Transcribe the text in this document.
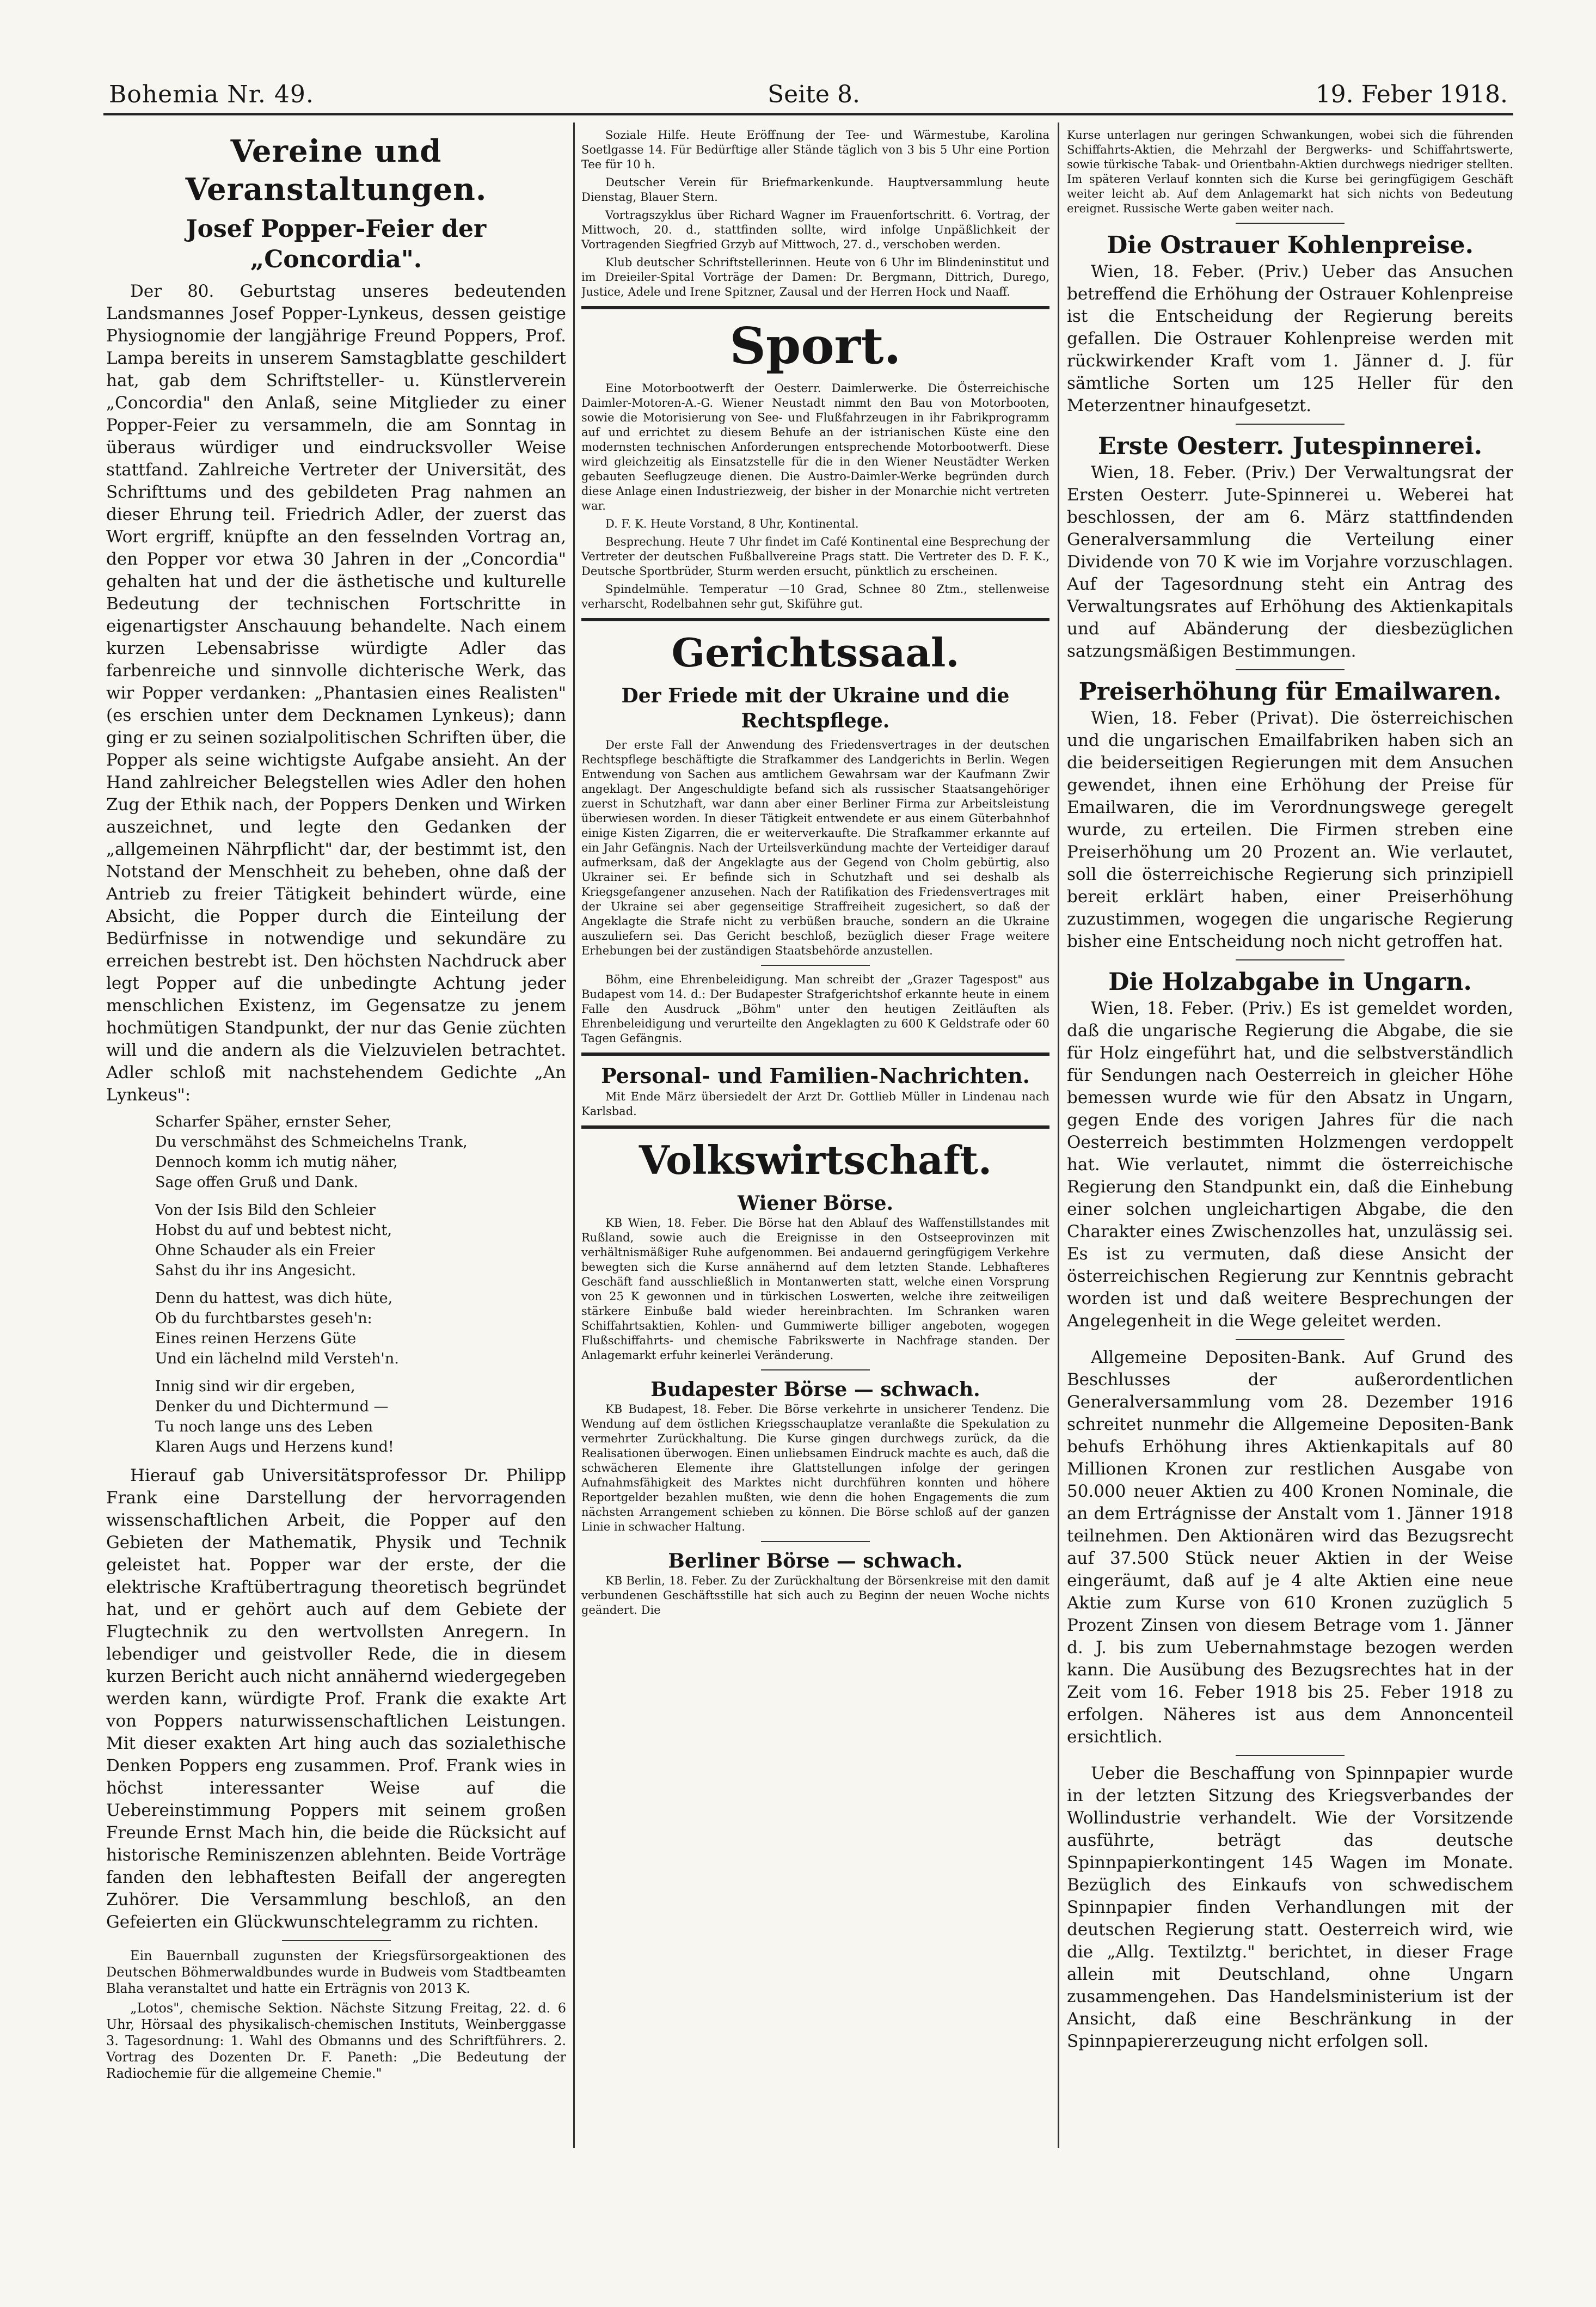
Bohemia Nr. 49.	Seite 8.	19. Feber 1918.
Vereine und Veranstaltungen.
Josef Popper-Feier der „Concordia".

Der 80. Geburtstag unseres bedeutenden Landsmannes Josef Popper-Lynkeus, dessen geistige Physiognomie der langjährige Freund Poppers, Prof. Lampa bereits in unserem Samstagblatte geschildert hat, gab dem Schriftsteller- u. Künstlerverein „Concordia" den Anlaß, seine Mitglieder zu einer Popper-Feier zu versammeln, die am Sonntag in überaus würdiger und eindrucksvoller Weise stattfand. Zahlreiche Vertreter der Universität, des Schrifttums und des gebildeten Prag nahmen an dieser Ehrung teil. Friedrich Adler, der zuerst das Wort ergriff, knüpfte an den fesselnden Vortrag an, den Popper vor etwa 30 Jahren in der „Concordia" gehalten hat und der die ästhetische und kulturelle Bedeutung der technischen Fortschritte in eigenartigster Anschauung behandelte. Nach einem kurzen Lebensabrisse würdigte Adler das farbenreiche und sinnvolle dichterische Werk, das wir Popper verdanken: „Phantasien eines Realisten" (es erschien unter dem Decknamen Lynkeus); dann ging er zu seinen sozialpolitischen Schriften über, die Popper als seine wichtigste Aufgabe ansieht. An der Hand zahlreicher Belegstellen wies Adler den hohen Zug der Ethik nach, der Poppers Denken und Wirken auszeichnet, und legte den Gedanken der „allgemeinen Nährpflicht" dar, der bestimmt ist, den Notstand der Menschheit zu beheben, ohne daß der Antrieb zu freier Tätigkeit behindert würde, eine Absicht, die Popper durch die Einteilung der Bedürfnisse in notwendige und sekundäre zu erreichen bestrebt ist. Den höchsten Nachdruck aber legt Popper auf die unbedingte Achtung jeder menschlichen Existenz, im Gegensatze zu jenem hochmütigen Standpunkt, der nur das Genie züchten will und die andern als die Vielzuvielen betrachtet. Adler schloß mit nachstehendem Gedichte „An Lynkeus":

Scharfer Späher, ernster Seher,
Du verschmähst des Schmeichelns Trank,
Dennoch komm ich mutig näher,
Sage offen Gruß und Dank.
Von der Isis Bild den Schleier
Hobst du auf und bebtest nicht,
Ohne Schauder als ein Freier
Sahst du ihr ins Angesicht.
Denn du hattest, was dich hüte,
Ob du furchtbarstes geseh'n:
Eines reinen Herzens Güte
Und ein lächelnd mild Versteh'n.
Innig sind wir dir ergeben,
Denker du und Dichtermund —
Tu noch lange uns des Leben
Klaren Augs und Herzens kund!

Hierauf gab Universitätsprofessor Dr. Philipp Frank eine Darstellung der hervorragenden wissenschaftlichen Arbeit, die Popper auf den Gebieten der Mathematik, Physik und Technik geleistet hat. Popper war der erste, der die elektrische Kraftübertragung theoretisch begründet hat, und er gehört auch auf dem Gebiete der Flugtechnik zu den wertvollsten Anregern. In lebendiger und geistvoller Rede, die in diesem kurzen Bericht auch nicht annähernd wiedergegeben werden kann, würdigte Prof. Frank die exakte Art von Poppers naturwissenschaftlichen Leistungen. Mit dieser exakten Art hing auch das sozialethische Denken Poppers eng zusammen. Prof. Frank wies in höchst interessanter Weise auf die Uebereinstimmung Poppers mit seinem großen Freunde Ernst Mach hin, die beide die Rücksicht auf historische Reminiszenzen ablehnten. Beide Vorträge fanden den lebhaftesten Beifall der angeregten Zuhörer. Die Versammlung beschloß, an den Gefeierten ein Glückwunschtelegramm zu richten.

Ein Bauernball zugunsten der Kriegsfürsorgeaktionen des Deutschen Böhmerwaldbundes wurde in Budweis vom Stadtbeamten Blaha veranstaltet und hatte ein Erträgnis von 2013 K.

„Lotos", chemische Sektion. Nächste Sitzung Freitag, 22. d. 6 Uhr, Hörsaal des physikalisch-chemischen Instituts, Weinberggasse 3. Tagesordnung: 1. Wahl des Obmanns und des Schriftführers. 2. Vortrag des Dozenten Dr. F. Paneth: „Die Bedeutung der Radiochemie für die allgemeine Chemie."

Soziale Hilfe. Heute Eröffnung der Tee- und Wärmestube, Karolina Soetlgasse 14. Für Bedürftige aller Stände täglich von 3 bis 5 Uhr eine Portion Tee für 10 h.

Deutscher Verein für Briefmarkenkunde. Hauptversammlung heute Dienstag, Blauer Stern.

Vortragszyklus über Richard Wagner im Frauenfortschritt. 6. Vortrag, der Mittwoch, 20. d., stattfinden sollte, wird infolge Unpäßlichkeit der Vortragenden Siegfried Grzyb auf Mittwoch, 27. d., verschoben werden.

Klub deutscher Schriftstellerinnen. Heute von 6 Uhr im Blindeninstitut und im Dreieiler-Spital Vorträge der Damen: Dr. Bergmann, Dittrich, Durego, Justice, Adele und Irene Spitzner, Zausal und der Herren Hock und Naaff.

Sport.

Eine Motorbootwerft der Oesterr. Daimlerwerke. Die Österreichische Daimler-Motoren-A.-G. Wiener Neustadt nimmt den Bau von Motorbooten, sowie die Motorisierung von See- und Flußfahrzeugen in ihr Fabrikprogramm auf und errichtet zu diesem Behufe an der istrianischen Küste eine den modernsten technischen Anforderungen entsprechende Motorbootwerft. Diese wird gleichzeitig als Einsatzstelle für die in den Wiener Neustädter Werken gebauten Seeflugzeuge dienen. Die Austro-Daimler-Werke begründen durch diese Anlage einen Industriezweig, der bisher in der Monarchie nicht vertreten war.

D. F. K. Heute Vorstand, 8 Uhr, Kontinental.

Besprechung. Heute 7 Uhr findet im Café Kontinental eine Besprechung der Vertreter der deutschen Fußballvereine Prags statt. Die Vertreter des D. F. K., Deutsche Sportbrüder, Sturm werden ersucht, pünktlich zu erscheinen.

Spindelmühle. Temperatur —10 Grad, Schnee 80 Ztm., stellenweise verharscht, Rodelbahnen sehr gut, Skiführe gut.

Gerichtssaal.
Der Friede mit der Ukraine und die Rechtspflege.

Der erste Fall der Anwendung des Friedensvertrages in der deutschen Rechtspflege beschäftigte die Strafkammer des Landgerichts in Berlin. Wegen Entwendung von Sachen aus amtlichem Gewahrsam war der Kaufmann Zwir angeklagt. Der Angeschuldigte befand sich als russischer Staatsangehöriger zuerst in Schutzhaft, war dann aber einer Berliner Firma zur Arbeitsleistung überwiesen worden. In dieser Tätigkeit entwendete er aus einem Güterbahnhof einige Kisten Zigarren, die er weiterverkaufte. Die Strafkammer erkannte auf ein Jahr Gefängnis. Nach der Urteilsverkündung machte der Verteidiger darauf aufmerksam, daß der Angeklagte aus der Gegend von Cholm gebürtig, also Ukrainer sei. Er befinde sich in Schutzhaft und sei deshalb als Kriegsgefangener anzusehen. Nach der Ratifikation des Friedensvertrages mit der Ukraine sei aber gegenseitige Straffreiheit zugesichert, so daß der Angeklagte die Strafe nicht zu verbüßen brauche, sondern an die Ukraine auszuliefern sei. Das Gericht beschloß, bezüglich dieser Frage weitere Erhebungen bei der zuständigen Staatsbehörde anzustellen.

Böhm, eine Ehrenbeleidigung. Man schreibt der „Grazer Tagespost" aus Budapest vom 14. d.: Der Budapester Strafgerichtshof erkannte heute in einem Falle den Ausdruck „Böhm" unter den heutigen Zeitläuften als Ehrenbeleidigung und verurteilte den Angeklagten zu 600 K Geldstrafe oder 60 Tagen Gefängnis.

Personal- und Familien-Nachrichten.

Mit Ende März übersiedelt der Arzt Dr. Gottlieb Müller in Lindenau nach Karlsbad.

Volkswirtschaft.
Wiener Börse.

KB Wien, 18. Feber. Die Börse hat den Ablauf des Waffenstillstandes mit Rußland, sowie auch die Ereignisse in den Ostseeprovinzen mit verhältnismäßiger Ruhe aufgenommen. Bei andauernd geringfügigem Verkehre bewegten sich die Kurse annähernd auf dem letzten Stande. Lebhafteres Geschäft fand ausschließlich in Montanwerten statt, welche einen Vorsprung von 25 K gewonnen und in türkischen Loswerten, welche ihre zeitweiligen stärkere Einbuße bald wieder hereinbrachten. Im Schranken waren Schiffahrtsaktien, Kohlen- und Gummiwerte billiger angeboten, wogegen Flußschiffahrts- und chemische Fabrikswerte in Nachfrage standen. Der Anlagemarkt erfuhr keinerlei Veränderung.

Budapester Börse — schwach.

KB Budapest, 18. Feber. Die Börse verkehrte in unsicherer Tendenz. Die Wendung auf dem östlichen Kriegsschauplatze veranlaßte die Spekulation zu vermehrter Zurückhaltung. Die Kurse gingen durchwegs zurück, da die Realisationen überwogen. Einen unliebsamen Eindruck machte es auch, daß die schwächeren Elemente ihre Glattstellungen infolge der geringen Aufnahmsfähigkeit des Marktes nicht durchführen konnten und höhere Reportgelder bezahlen mußten, wie denn die hohen Engagements die zum nächsten Arrangement schieben zu können. Die Börse schloß auf der ganzen Linie in schwacher Haltung.

Berliner Börse — schwach.

KB Berlin, 18. Feber. Zu der Zurückhaltung der Börsenkreise mit den damit verbundenen Geschäftsstille hat sich auch zu Beginn der neuen Woche nichts geändert. Die

Kurse unterlagen nur geringen Schwankungen, wobei sich die führenden Schiffahrts-Aktien, die Mehrzahl der Bergwerks- und Schiffahrtswerte, sowie türkische Tabak- und Orientbahn-Aktien durchwegs niedriger stellten. Im späteren Verlauf konnten sich die Kurse bei geringfügigem Geschäft weiter leicht ab. Auf dem Anlagemarkt hat sich nichts von Bedeutung ereignet. Russische Werte gaben weiter nach.

Die Ostrauer Kohlenpreise.

Wien, 18. Feber. (Priv.) Ueber das Ansuchen betreffend die Erhöhung der Ostrauer Kohlenpreise ist die Entscheidung der Regierung bereits gefallen. Die Ostrauer Kohlenpreise werden mit rückwirkender Kraft vom 1. Jänner d. J. für sämtliche Sorten um 125 Heller für den Meterzentner hinaufgesetzt.

Erste Oesterr. Jutespinnerei.

Wien, 18. Feber. (Priv.) Der Verwaltungsrat der Ersten Oesterr. Jute-Spinnerei u. Weberei hat beschlossen, der am 6. März stattfindenden Generalversammlung die Verteilung einer Dividende von 70 K wie im Vorjahre vorzuschlagen. Auf der Tagesordnung steht ein Antrag des Verwaltungsrates auf Erhöhung des Aktienkapitals und auf Abänderung der diesbezüglichen satzungsmäßigen Bestimmungen.

Preiserhöhung für Emailwaren.

Wien, 18. Feber (Privat). Die österreichischen und die ungarischen Emailfabriken haben sich an die beiderseitigen Regierungen mit dem Ansuchen gewendet, ihnen eine Erhöhung der Preise für Emailwaren, die im Verordnungswege geregelt wurde, zu erteilen. Die Firmen streben eine Preiserhöhung um 20 Prozent an. Wie verlautet, soll die österreichische Regierung sich prinzipiell bereit erklärt haben, einer Preiserhöhung zuzustimmen, wogegen die ungarische Regierung bisher eine Entscheidung noch nicht getroffen hat.

Die Holzabgabe in Ungarn.

Wien, 18. Feber. (Priv.) Es ist gemeldet worden, daß die ungarische Regierung die Abgabe, die sie für Holz eingeführt hat, und die selbstverständlich für Sendungen nach Oesterreich in gleicher Höhe bemessen wurde wie für den Absatz in Ungarn, gegen Ende des vorigen Jahres für die nach Oesterreich bestimmten Holzmengen verdoppelt hat. Wie verlautet, nimmt die österreichische Regierung den Standpunkt ein, daß die Einhebung einer solchen ungleichartigen Abgabe, die den Charakter eines Zwischenzolles hat, unzulässig sei. Es ist zu vermuten, daß diese Ansicht der österreichischen Regierung zur Kenntnis gebracht worden ist und daß weitere Besprechungen der Angelegenheit in die Wege geleitet werden.

Allgemeine Depositen-Bank. Auf Grund des Beschlusses der außerordentlichen Generalversammlung vom 28. Dezember 1916 schreitet nunmehr die Allgemeine Depositen-Bank behufs Erhöhung ihres Aktienkapitals auf 80 Millionen Kronen zur restlichen Ausgabe von 50.000 neuer Aktien zu 400 Kronen Nominale, die an dem Ertrágnisse der Anstalt vom 1. Jänner 1918 teilnehmen. Den Aktionären wird das Bezugsrecht auf 37.500 Stück neuer Aktien in der Weise eingeräumt, daß auf je 4 alte Aktien eine neue Aktie zum Kurse von 610 Kronen zuzüglich 5 Prozent Zinsen von diesem Betrage vom 1. Jänner d. J. bis zum Uebernahmstage bezogen werden kann. Die Ausübung des Bezugsrechtes hat in der Zeit vom 16. Feber 1918 bis 25. Feber 1918 zu erfolgen. Näheres ist aus dem Annoncenteil ersichtlich.

Ueber die Beschaffung von Spinnpapier wurde in der letzten Sitzung des Kriegsverbandes der Wollindustrie verhandelt. Wie der Vorsitzende ausführte, beträgt das deutsche Spinnpapierkontingent 145 Wagen im Monate. Bezüglich des Einkaufs von schwedischem Spinnpapier finden Verhandlungen mit der deutschen Regierung statt. Oesterreich wird, wie die „Allg. Textilztg." berichtet, in dieser Frage allein mit Deutschland, ohne Ungarn zusammengehen. Das Handelsministerium ist der Ansicht, daß eine Beschränkung in der Spinnpapiererzeugung nicht erfolgen soll.
